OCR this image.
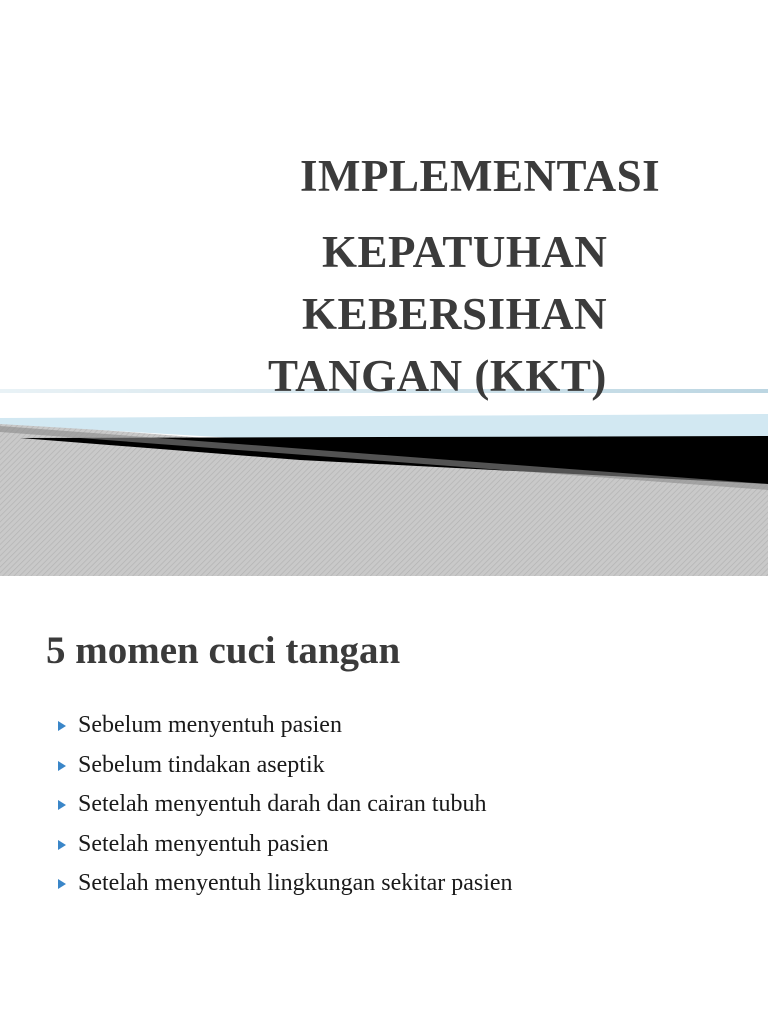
IMPLEMENTASI
KEPATUHAN
KEBERSIHAN
TANGAN (KKT)
5 momen cuci tangan
Sebelum menyentuh pasien
Sebelum tindakan aseptik
Setelah menyentuh darah dan cairan tubuh
Setelah menyentuh pasien
Setelah menyentuh lingkungan sekitar pasien
